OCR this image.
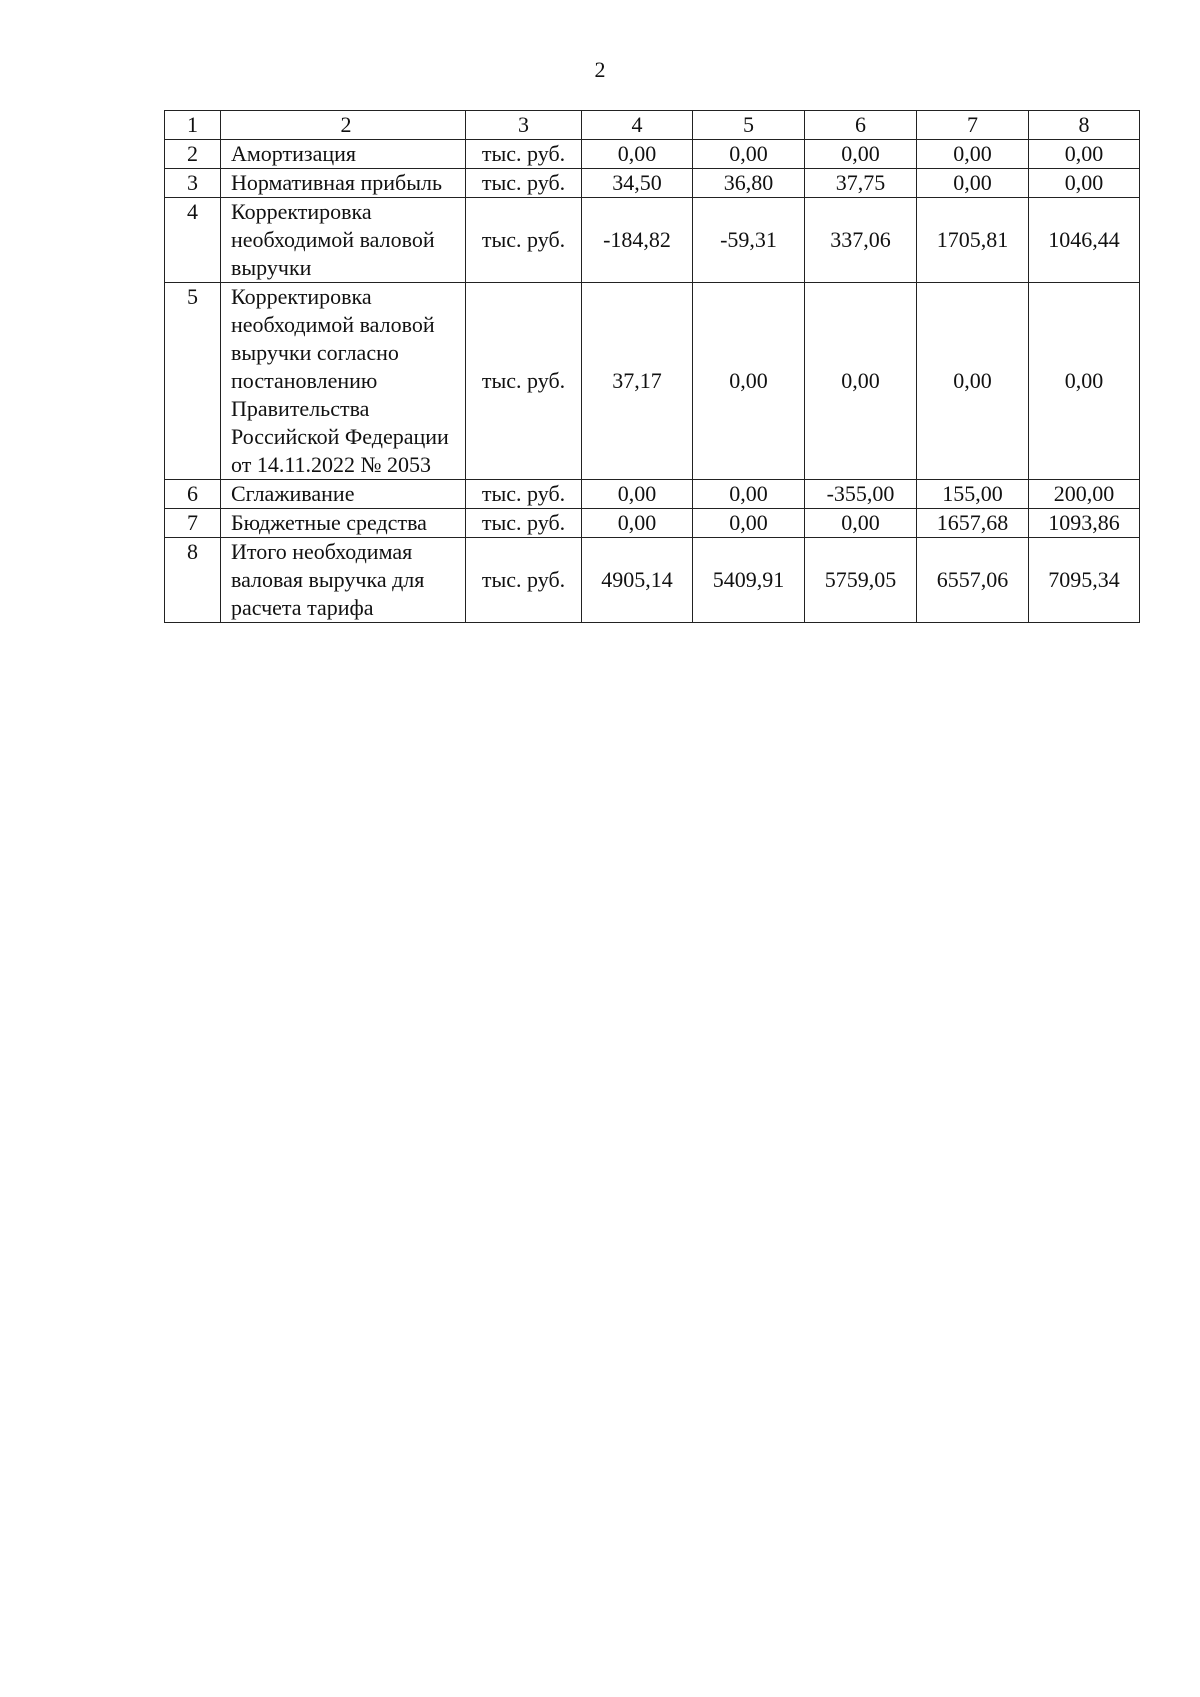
2
1	2	3	4	5	6	7	8
2	Амортизация	тыс. руб.	0,00	0,00	0,00	0,00	0,00
3	Нормативная прибыль	тыс. руб.	34,50	36,80	37,75	0,00	0,00
4	Корректировка необходимой валовой выручки	тыс. руб.	-184,82	-59,31	337,06	1705,81	1046,44
5	Корректировка необходимой валовой выручки согласно постановлению Правительства Российской Федерации от 14.11.2022 № 2053	тыс. руб.	37,17	0,00	0,00	0,00	0,00
6	Сглаживание	тыс. руб.	0,00	0,00	-355,00	155,00	200,00
7	Бюджетные средства	тыс. руб.	0,00	0,00	0,00	1657,68	1093,86
8	Итого необходимая валовая выручка для расчета тарифа	тыс. руб.	4905,14	5409,91	5759,05	6557,06	7095,34
